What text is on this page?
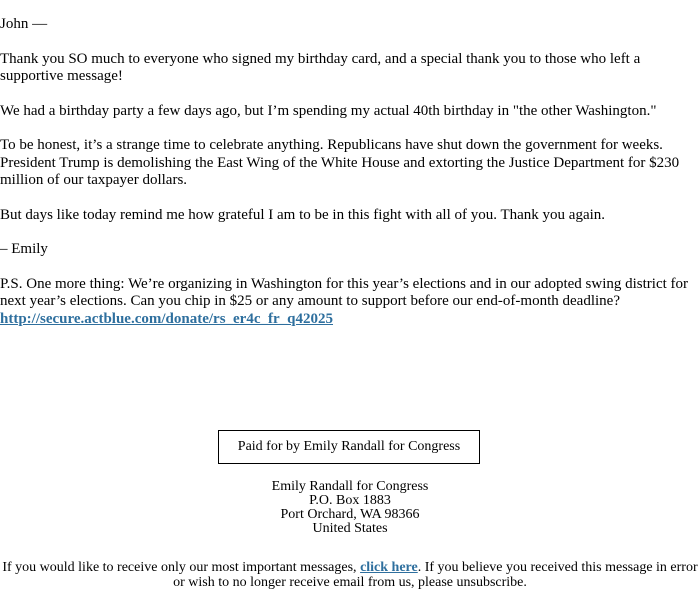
John —

Thank you SO much to everyone who signed my birthday card, and a special thank you to those who left a supportive message!

We had a birthday party a few days ago, but I’m spending my actual 40th birthday in "the other Washington."

To be honest, it’s a strange time to celebrate anything. Republicans have shut down the government for weeks. President Trump is demolishing the East Wing of the White House and extorting the Justice Department for $230 million of our taxpayer dollars.

But days like today remind me how grateful I am to be in this fight with all of you. Thank you again.

– Emily

P.S. One more thing: We’re organizing in Washington for this year’s elections and in our adopted swing district for next year’s elections. Can you chip in $25 or any amount to support before our end-of-month deadline? http://secure.actblue.com/donate/rs_er4c_fr_q42025

Paid for by Emily Randall for Congress
Emily Randall for Congress
P.O. Box 1883
Port Orchard, WA 98366
United States
If you would like to receive only our most important messages, click here. If you believe you received this message in error or wish to no longer receive email from us, please unsubscribe.
